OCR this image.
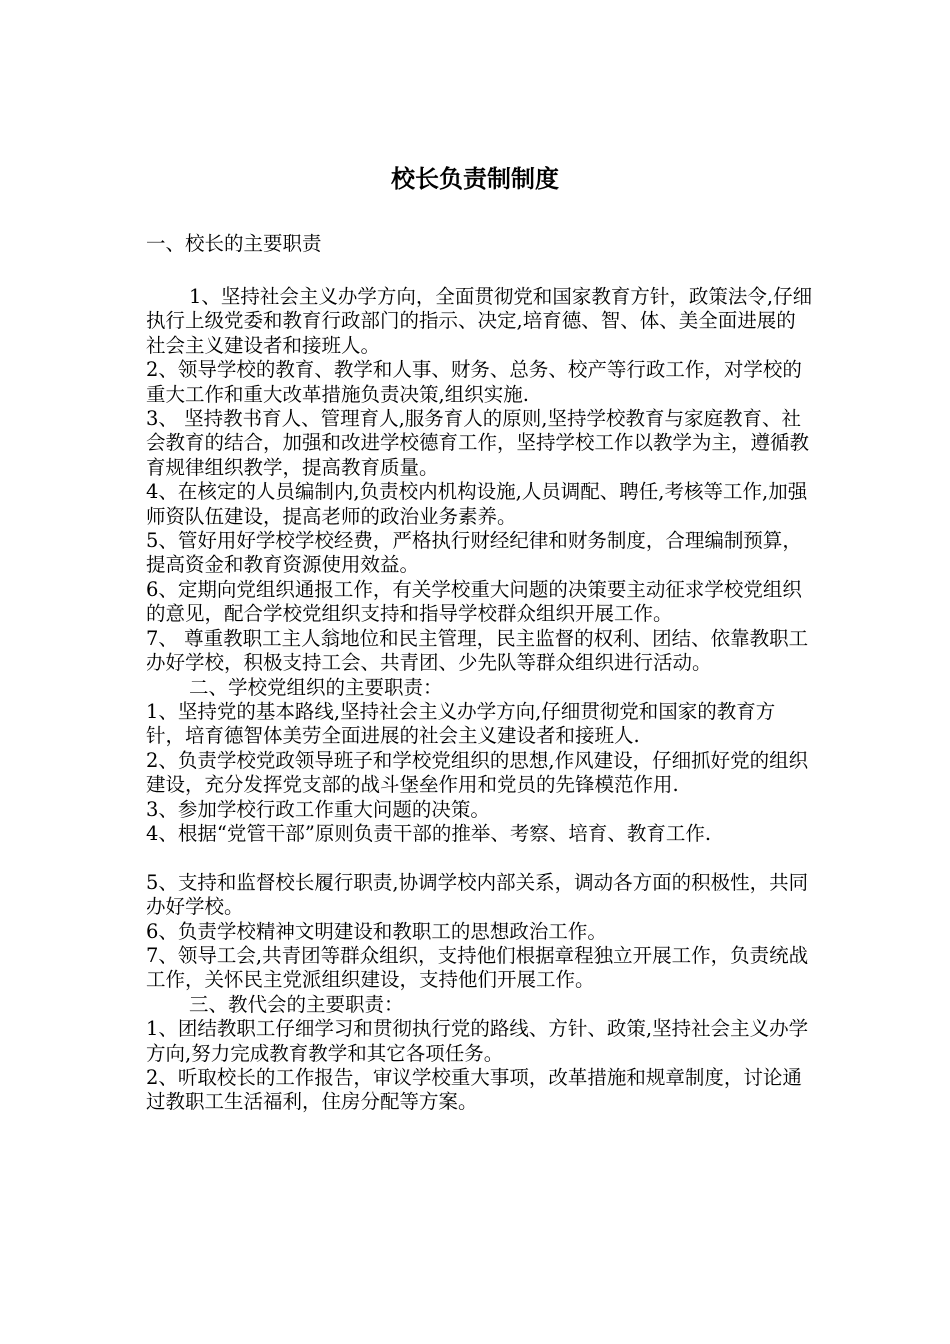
校长负责制制度
一、校长的主要职责

1、坚持社会主义办学方向，全面贯彻党和国家教育方针，政策法令,仔细执行上级党委和教育行政部门的指示、决定,培育德、智、体、美全面进展的社会主义建设者和接班人。

2、领导学校的教育、教学和人事、财务、总务、校产等行政工作，对学校的重大工作和重大改革措施负责决策,组织实施.

3、 坚持教书育人、管理育人,服务育人的原则,坚持学校教育与家庭教育、社会教育的结合，加强和改进学校德育工作，坚持学校工作以教学为主，遵循教育规律组织教学，提高教育质量。

4、在核定的人员编制内,负责校内机构设施,人员调配、聘任,考核等工作,加强师资队伍建设，提高老师的政治业务素养。

5、管好用好学校学校经费，严格执行财经纪律和财务制度，合理编制预算， 提高资金和教育资源使用效益。

6、定期向党组织通报工作，有关学校重大问题的决策要主动征求学校党组织的意见，配合学校党组织支持和指导学校群众组织开展工作。

7、 尊重教职工主人翁地位和民主管理，民主监督的权利、团结、依靠教职工办好学校，积极支持工会、共青团、少先队等群众组织进行活动。

二、学校党组织的主要职责：

1、坚持党的基本路线,坚持社会主义办学方向,仔细贯彻党和国家的教育方针，培育德智体美劳全面进展的社会主义建设者和接班人.

2、负责学校党政领导班子和学校党组织的思想,作风建设，仔细抓好党的组织建设，充分发挥党支部的战斗堡垒作用和党员的先锋模范作用.

3、参加学校行政工作重大问题的决策。

4、根据“党管干部”原则负责干部的推举、考察、培育、教育工作.

5、支持和监督校长履行职责,协调学校内部关系，调动各方面的积极性，共同办好学校。

6、负责学校精神文明建设和教职工的思想政治工作。

7、领导工会,共青团等群众组织，支持他们根据章程独立开展工作，负责统战工作，关怀民主党派组织建设，支持他们开展工作。

三、教代会的主要职责：

1、团结教职工仔细学习和贯彻执行党的路线、方针、政策,坚持社会主义办学方向,努力完成教育教学和其它各项任务。

2、听取校长的工作报告，审议学校重大事项，改革措施和规章制度，讨论通过教职工生活福利，住房分配等方案。
